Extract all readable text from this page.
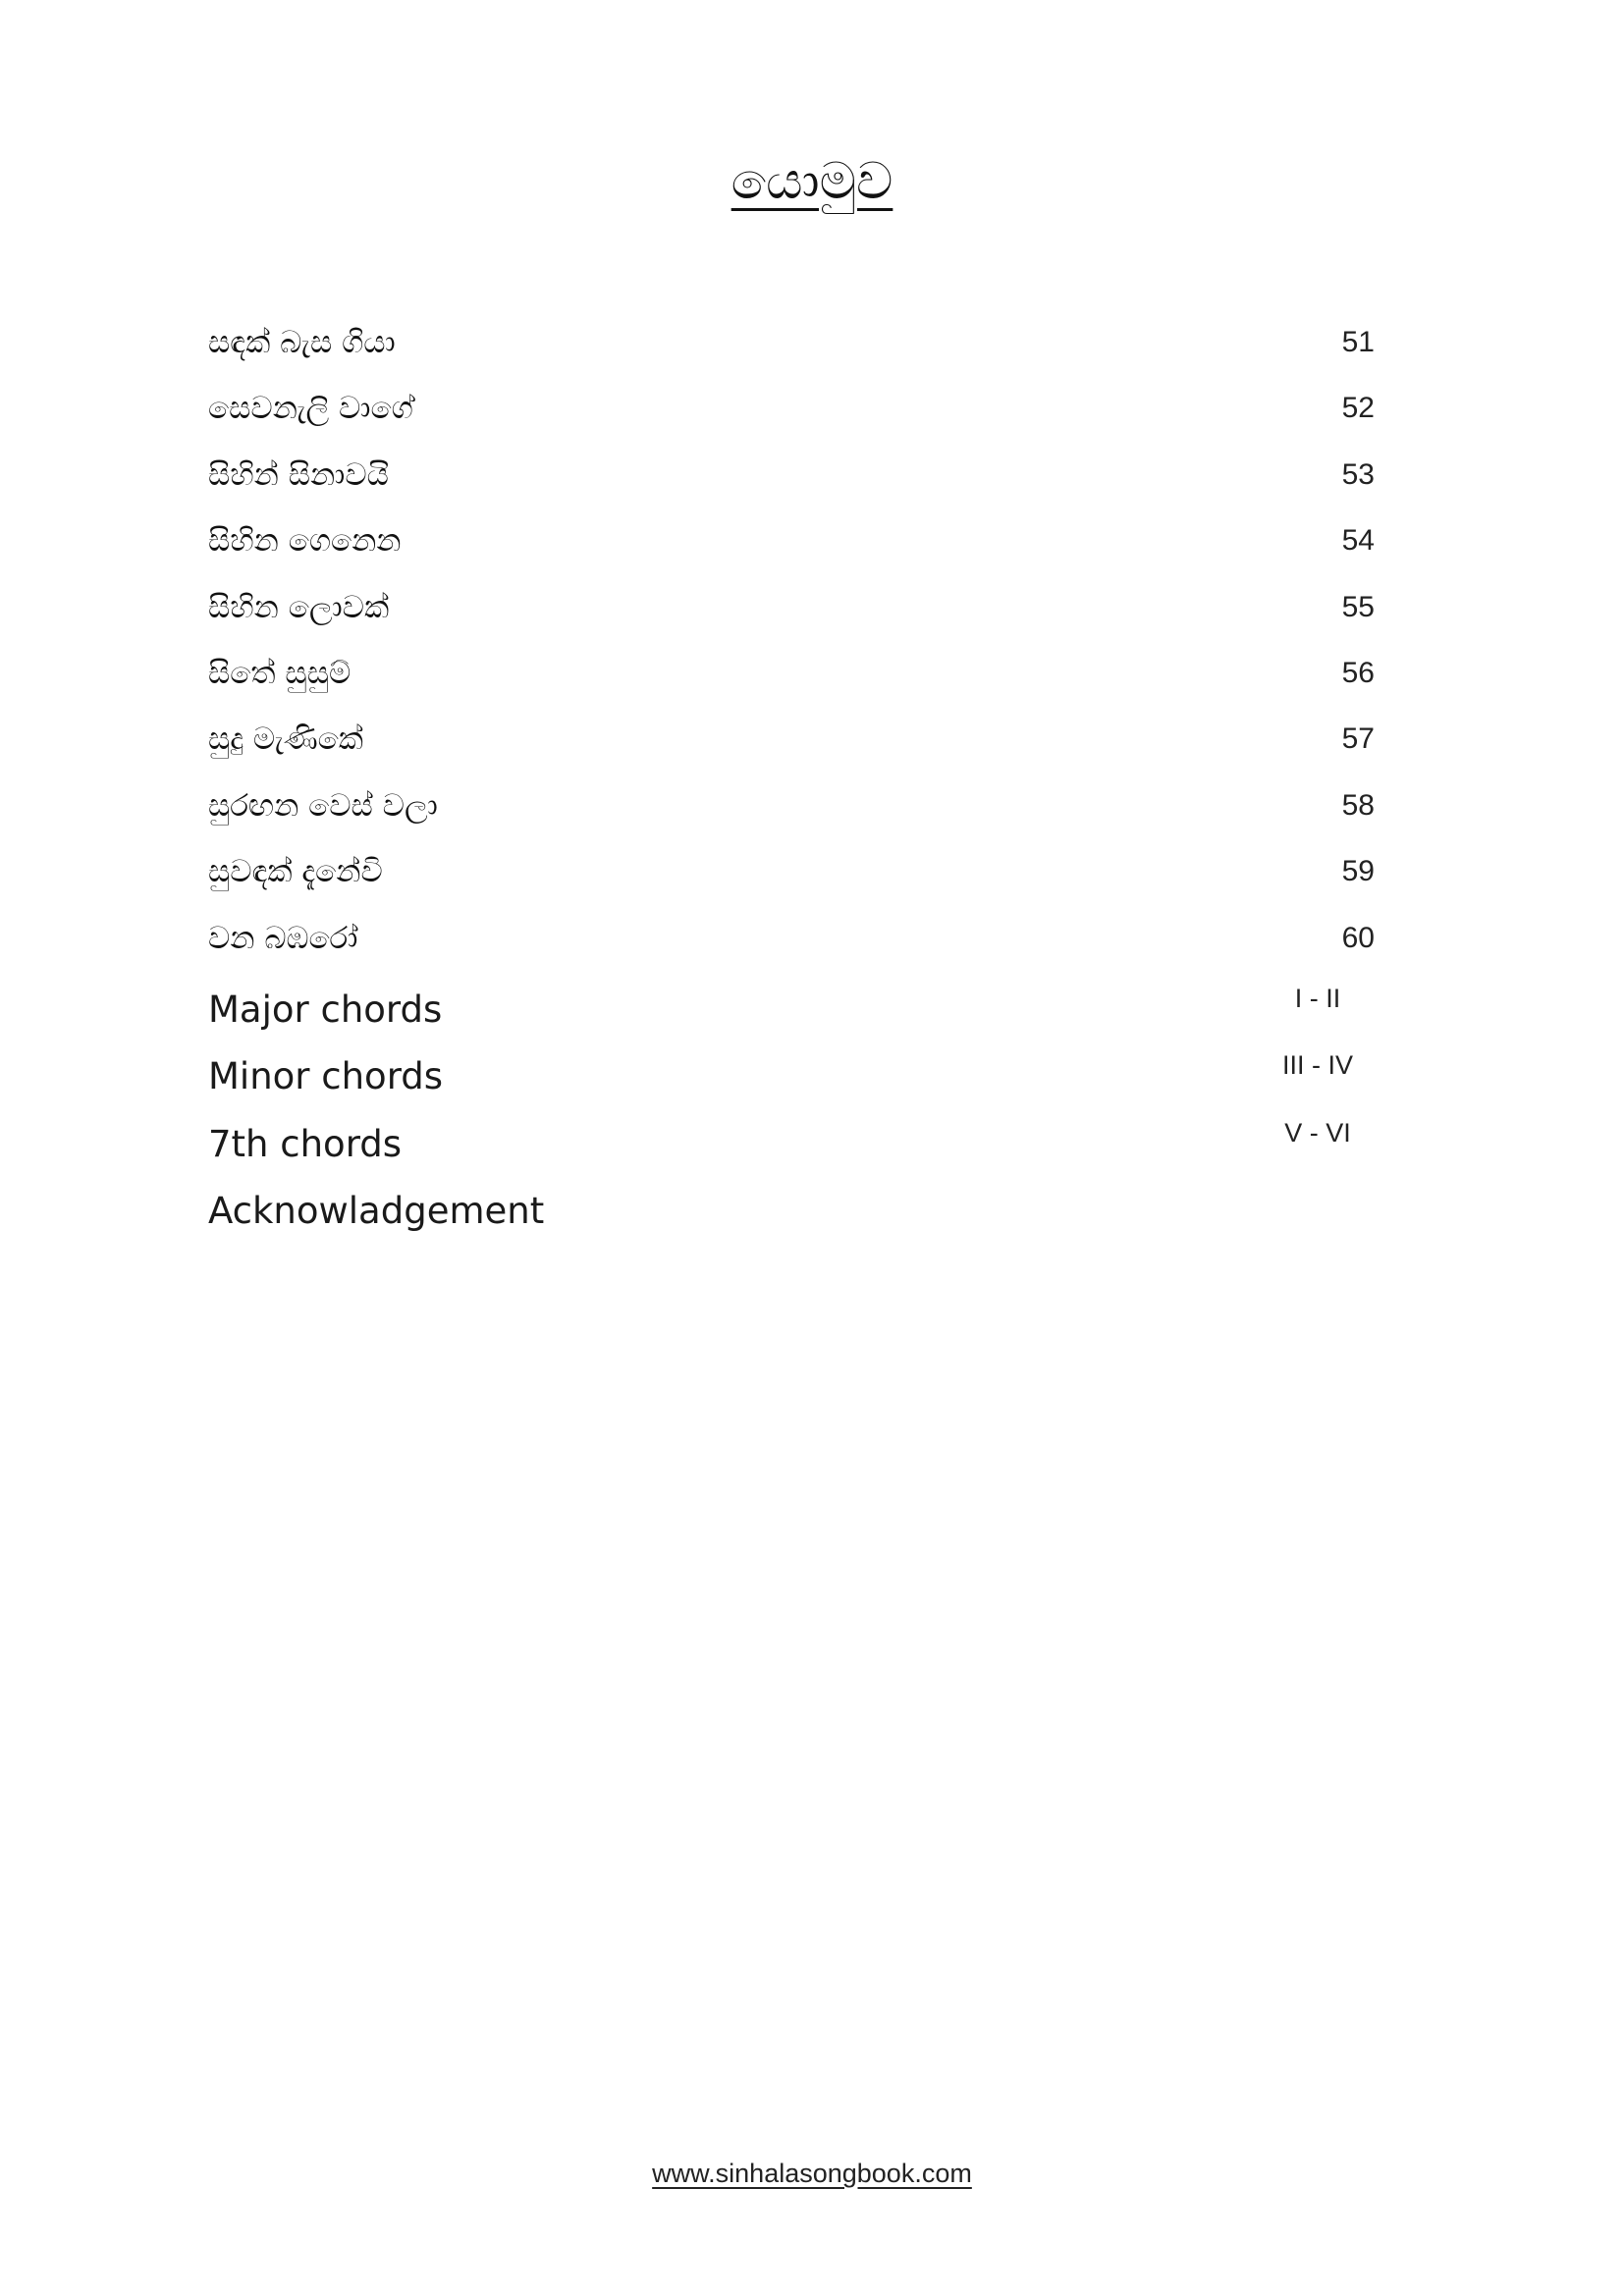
යොමුව
සඳක් බැස ගියා	51
සෙවනැලි වාගේ	52
සිහින් සිනාවයි	53
සිහින ගෙනෙන	54
සිහින ලොවක්	55
සිතේ සුසුම්	56
සුදු මැණිකේ	57
සුරඟන වෙස් වලා	58
සුවඳක් දැනේවි	59
වන බඹරෝ	60
Major chords	I - II
Minor chords	III - IV
7th chords	V - VI
Acknowladgement
www.sinhalasongbook.com
